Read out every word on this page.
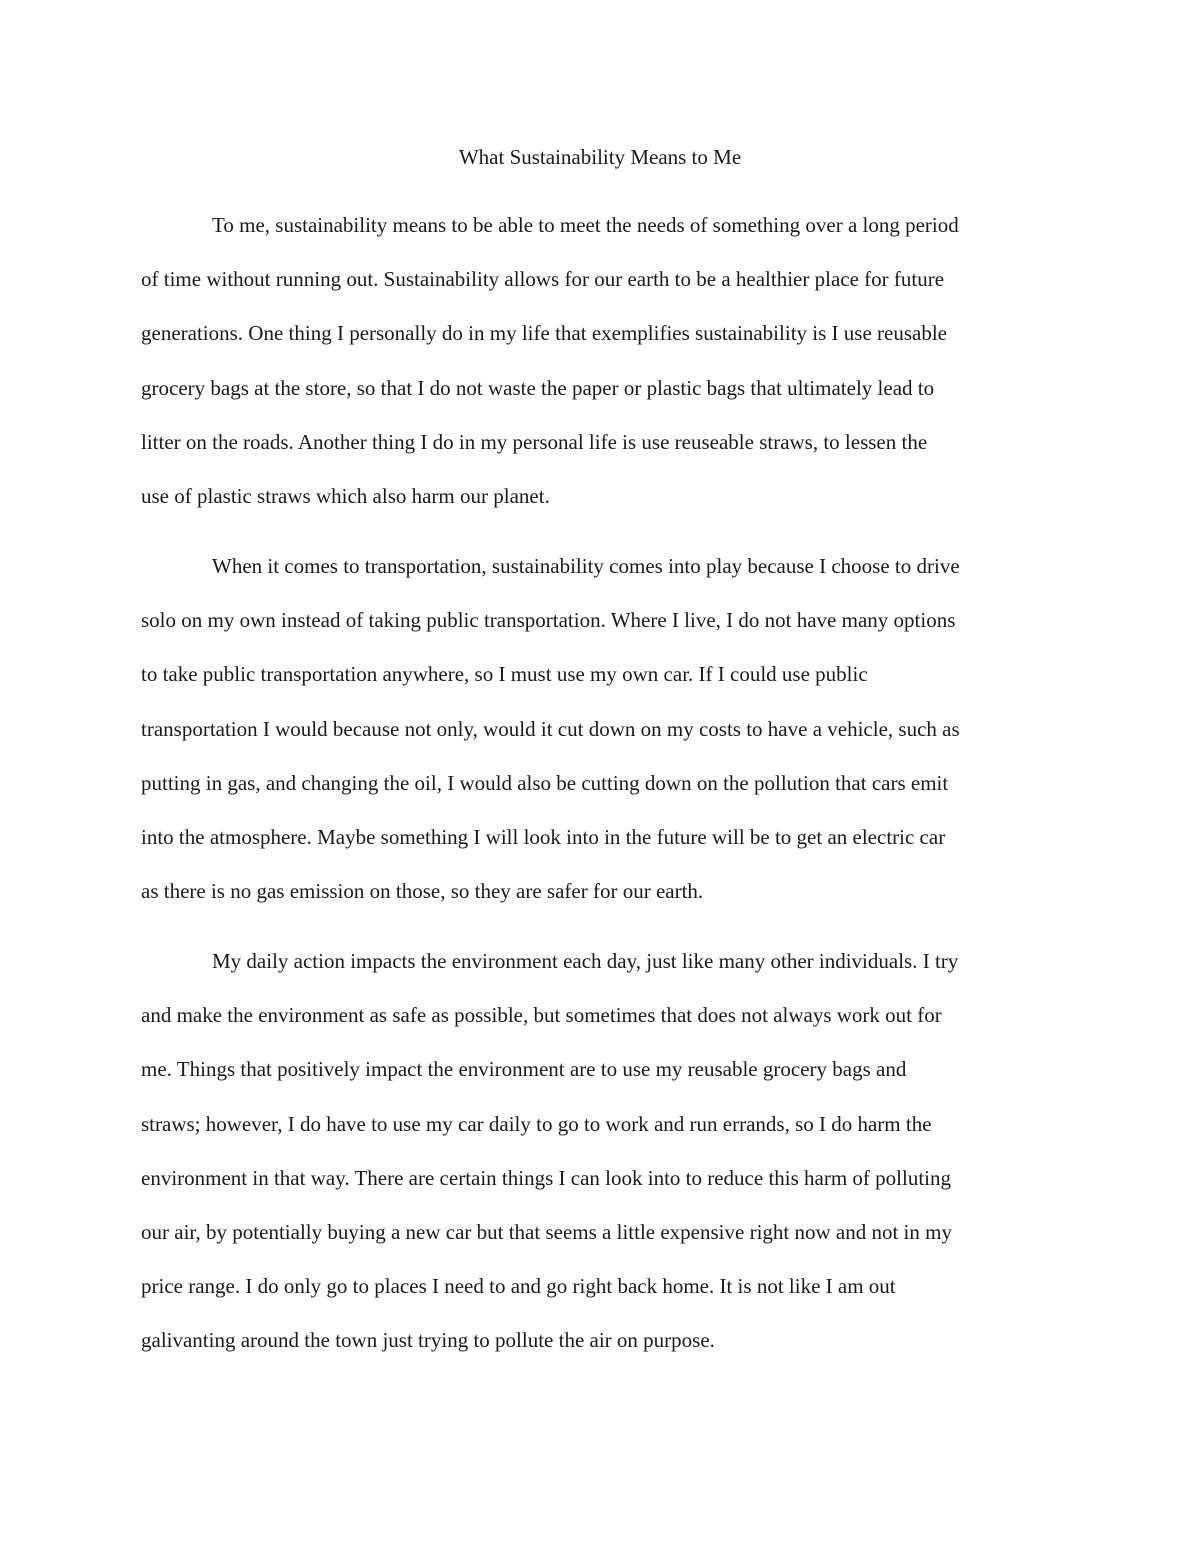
What Sustainability Means to Me

To me, sustainability means to be able to meet the needs of something over a long period
of time without running out. Sustainability allows for our earth to be a healthier place for future
generations. One thing I personally do in my life that exemplifies sustainability is I use reusable
grocery bags at the store, so that I do not waste the paper or plastic bags that ultimately lead to
litter on the roads. Another thing I do in my personal life is use reuseable straws, to lessen the
use of plastic straws which also harm our planet.

When it comes to transportation, sustainability comes into play because I choose to drive
solo on my own instead of taking public transportation. Where I live, I do not have many options
to take public transportation anywhere, so I must use my own car. If I could use public
transportation I would because not only, would it cut down on my costs to have a vehicle, such as
putting in gas, and changing the oil, I would also be cutting down on the pollution that cars emit
into the atmosphere. Maybe something I will look into in the future will be to get an electric car
as there is no gas emission on those, so they are safer for our earth.

My daily action impacts the environment each day, just like many other individuals. I try
and make the environment as safe as possible, but sometimes that does not always work out for
me. Things that positively impact the environment are to use my reusable grocery bags and
straws; however, I do have to use my car daily to go to work and run errands, so I do harm the
environment in that way. There are certain things I can look into to reduce this harm of polluting
our air, by potentially buying a new car but that seems a little expensive right now and not in my
price range. I do only go to places I need to and go right back home. It is not like I am out
galivanting around the town just trying to pollute the air on purpose.
